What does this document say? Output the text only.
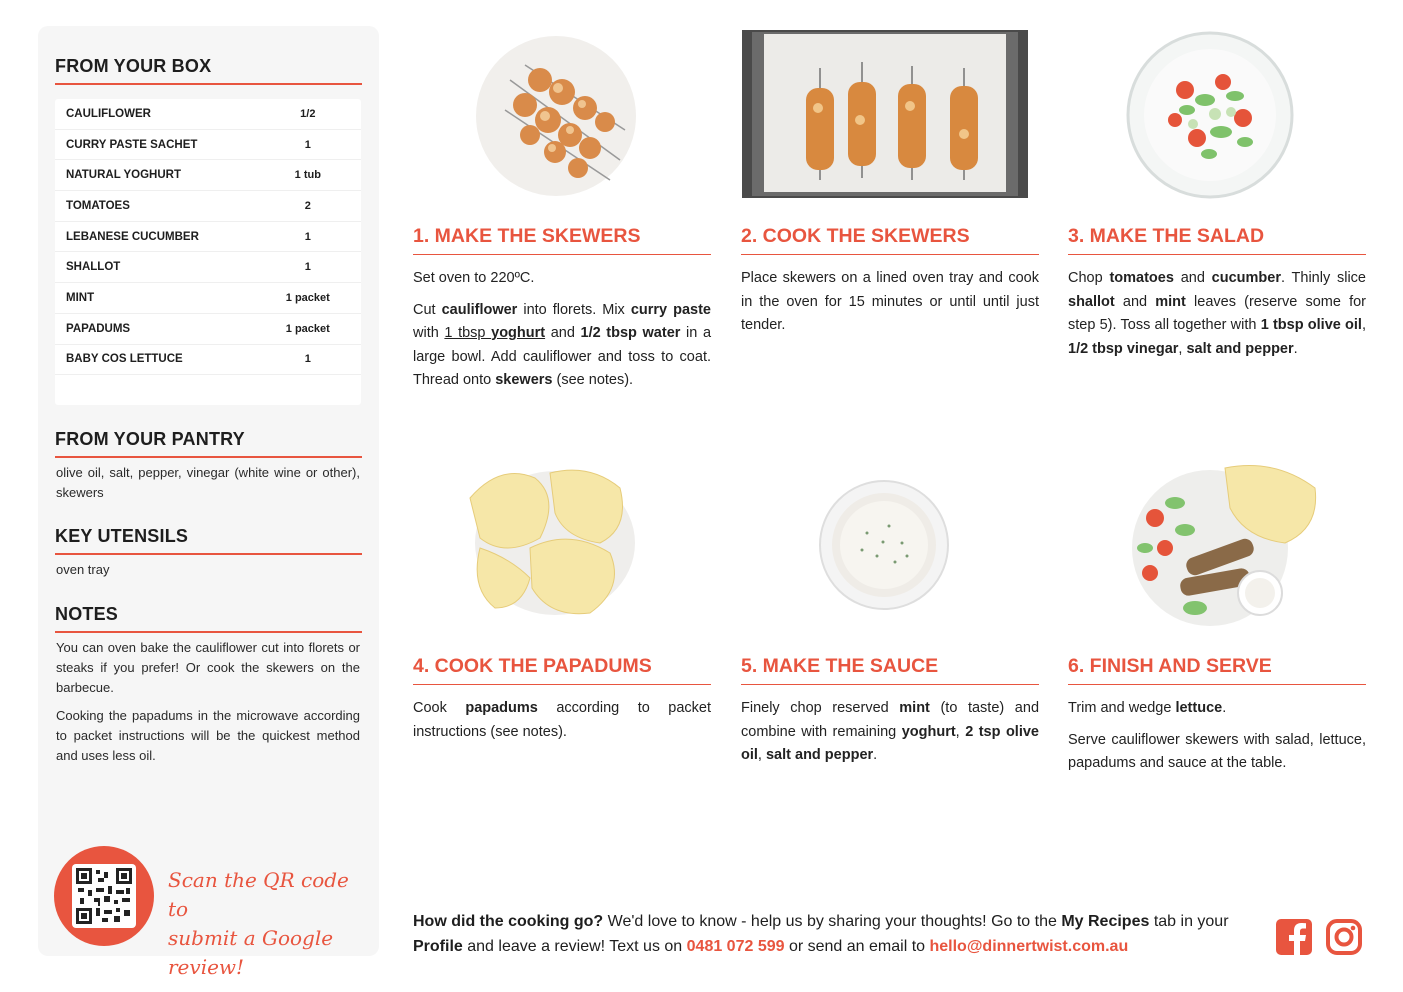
FROM YOUR BOX
CAULIFLOWER	1/2
CURRY PASTE SACHET	1
NATURAL YOGHURT	1 tub
TOMATOES	2
LEBANESE CUCUMBER	1
SHALLOT	1
MINT	1 packet
PAPADUMS	1 packet
BABY COS LETTUCE	1
FROM YOUR PANTRY
olive oil, salt, pepper, vinegar (white wine or other), skewers
KEY UTENSILS
oven tray
NOTES

You can oven bake the cauliflower cut into florets or steaks if you prefer! Or cook the skewers on the barbecue.

Cooking the papadums in the microwave according to packet instructions will be the quickest method and uses less oil.

Scan the QR code to
submit a Google review!
1. MAKE THE SKEWERS

Set oven to 220ºC.

Cut cauliflower into florets. Mix curry paste with 1 tbsp yoghurt and 1/2 tbsp water in a large bowl. Add cauliflower and toss to coat. Thread onto skewers (see notes).

2. COOK THE SKEWERS

Place skewers on a lined oven tray and cook in the oven for 15 minutes or until until just tender.

3. MAKE THE SALAD

Chop tomatoes and cucumber. Thinly slice shallot and mint leaves (reserve some for step 5). Toss all together with 1 tbsp olive oil, 1/2 tbsp vinegar, salt and pepper.

4. COOK THE PAPADUMS

Cook papadums according to packet instructions (see notes).

5. MAKE THE SAUCE

Finely chop reserved mint (to taste) and combine with remaining yoghurt, 2 tsp olive oil, salt and pepper.

6. FINISH AND SERVE

Trim and wedge lettuce.

Serve cauliflower skewers with salad, lettuce, papadums and sauce at the table.

How did the cooking go? We'd love to know - help us by sharing your thoughts! Go to the My Recipes tab in your Profile and leave a review! Text us on 0481 072 599 or send an email to hello@dinnertwist.com.au
